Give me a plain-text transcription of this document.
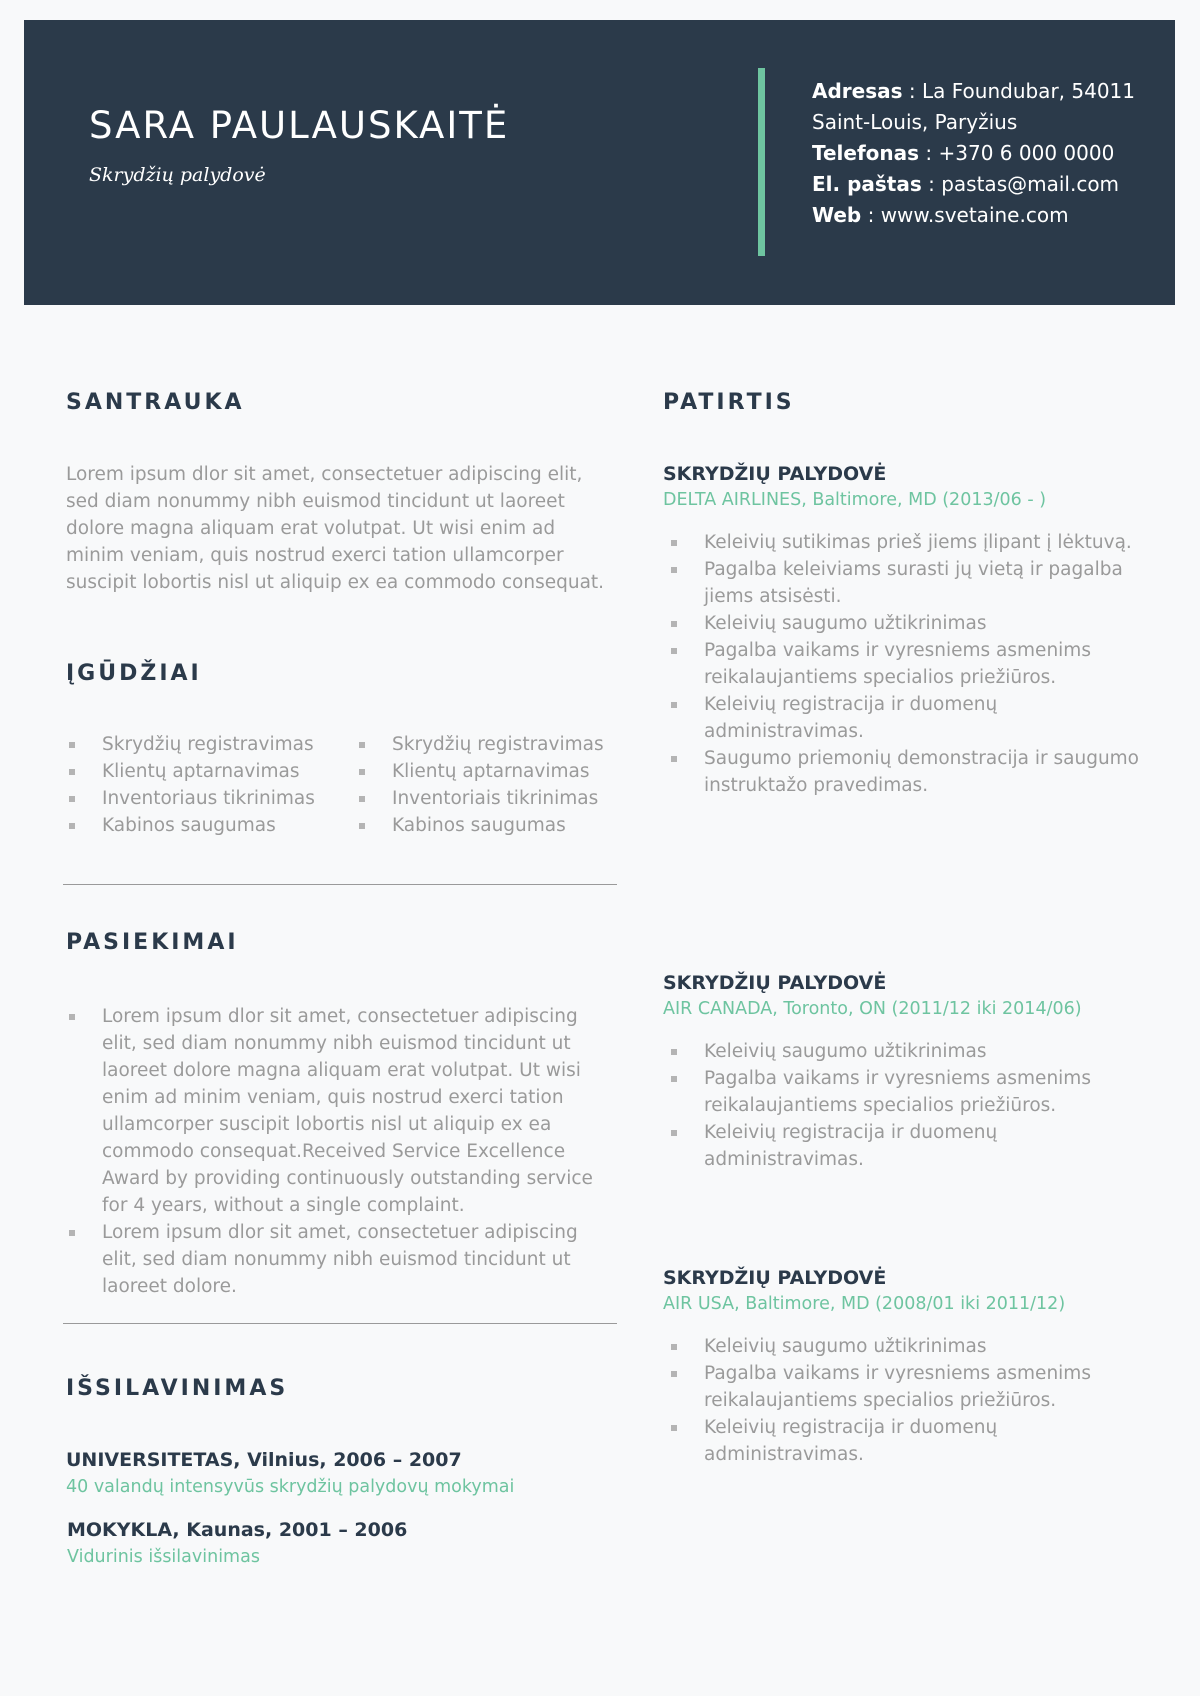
SARA PAULAUSKAITĖ
Skrydžių palydovė
Adresas : La Foundubar, 54011
Saint-Louis, Paryžius
Telefonas : +370 6 000 0000
El. paštas : pastas@mail.com
Web : www.svetaine.com
SANTRAUKA
Lorem ipsum dlor sit amet, consectetuer adipiscing elit, sed diam nonummy nibh euismod tincidunt ut laoreet dolore magna aliquam erat volutpat. Ut wisi enim ad minim veniam, quis nostrud exerci tation ullamcorper suscipit lobortis nisl ut aliquip ex ea commodo consequat.
ĮGŪDŽIAI
Skrydžių registravimas
Klientų aptarnavimas
Inventoriaus tikrinimas
Kabinos saugumas
Skrydžių registravimas
Klientų aptarnavimas
Inventoriais tikrinimas
Kabinos saugumas
PASIEKIMAI
Lorem ipsum dlor sit amet, consectetuer adipiscing elit, sed diam nonummy nibh euismod tincidunt ut laoreet dolore magna aliquam erat volutpat. Ut wisi enim ad minim veniam, quis nostrud exerci tation ullamcorper suscipit lobortis nisl ut aliquip ex ea commodo consequat.Received Service Excellence Award by providing continuously outstanding service for 4 years, without a single complaint.
Lorem ipsum dlor sit amet, consectetuer adipiscing elit, sed diam nonummy nibh euismod tincidunt ut laoreet dolore.
IŠSILAVINIMAS
UNIVERSITETAS, Vilnius, 2006 – 2007
40 valandų intensyvūs skrydžių palydovų mokymai
MOKYKLA, Kaunas, 2001 – 2006
Vidurinis išsilavinimas
PATIRTIS
SKRYDŽIŲ PALYDOVĖ
DELTA AIRLINES, Baltimore, MD (2013/06 - )
Keleivių sutikimas prieš jiems įlipant į lėktuvą.
Pagalba keleiviams surasti jų vietą ir pagalba jiems atsisėsti.
Keleivių saugumo užtikrinimas
Pagalba vaikams ir vyresniems asmenims reikalaujantiems specialios priežiūros.
Keleivių registracija ir duomenų administravimas.
Saugumo priemonių demonstracija ir saugumo instruktažo pravedimas.
SKRYDŽIŲ PALYDOVĖ
AIR CANADA, Toronto, ON (2011/12 iki 2014/06)
Keleivių saugumo užtikrinimas
Pagalba vaikams ir vyresniems asmenims reikalaujantiems specialios priežiūros.
Keleivių registracija ir duomenų administravimas.
SKRYDŽIŲ PALYDOVĖ
AIR USA, Baltimore, MD (2008/01 iki 2011/12)
Keleivių saugumo užtikrinimas
Pagalba vaikams ir vyresniems asmenims reikalaujantiems specialios priežiūros.
Keleivių registracija ir duomenų administravimas.
